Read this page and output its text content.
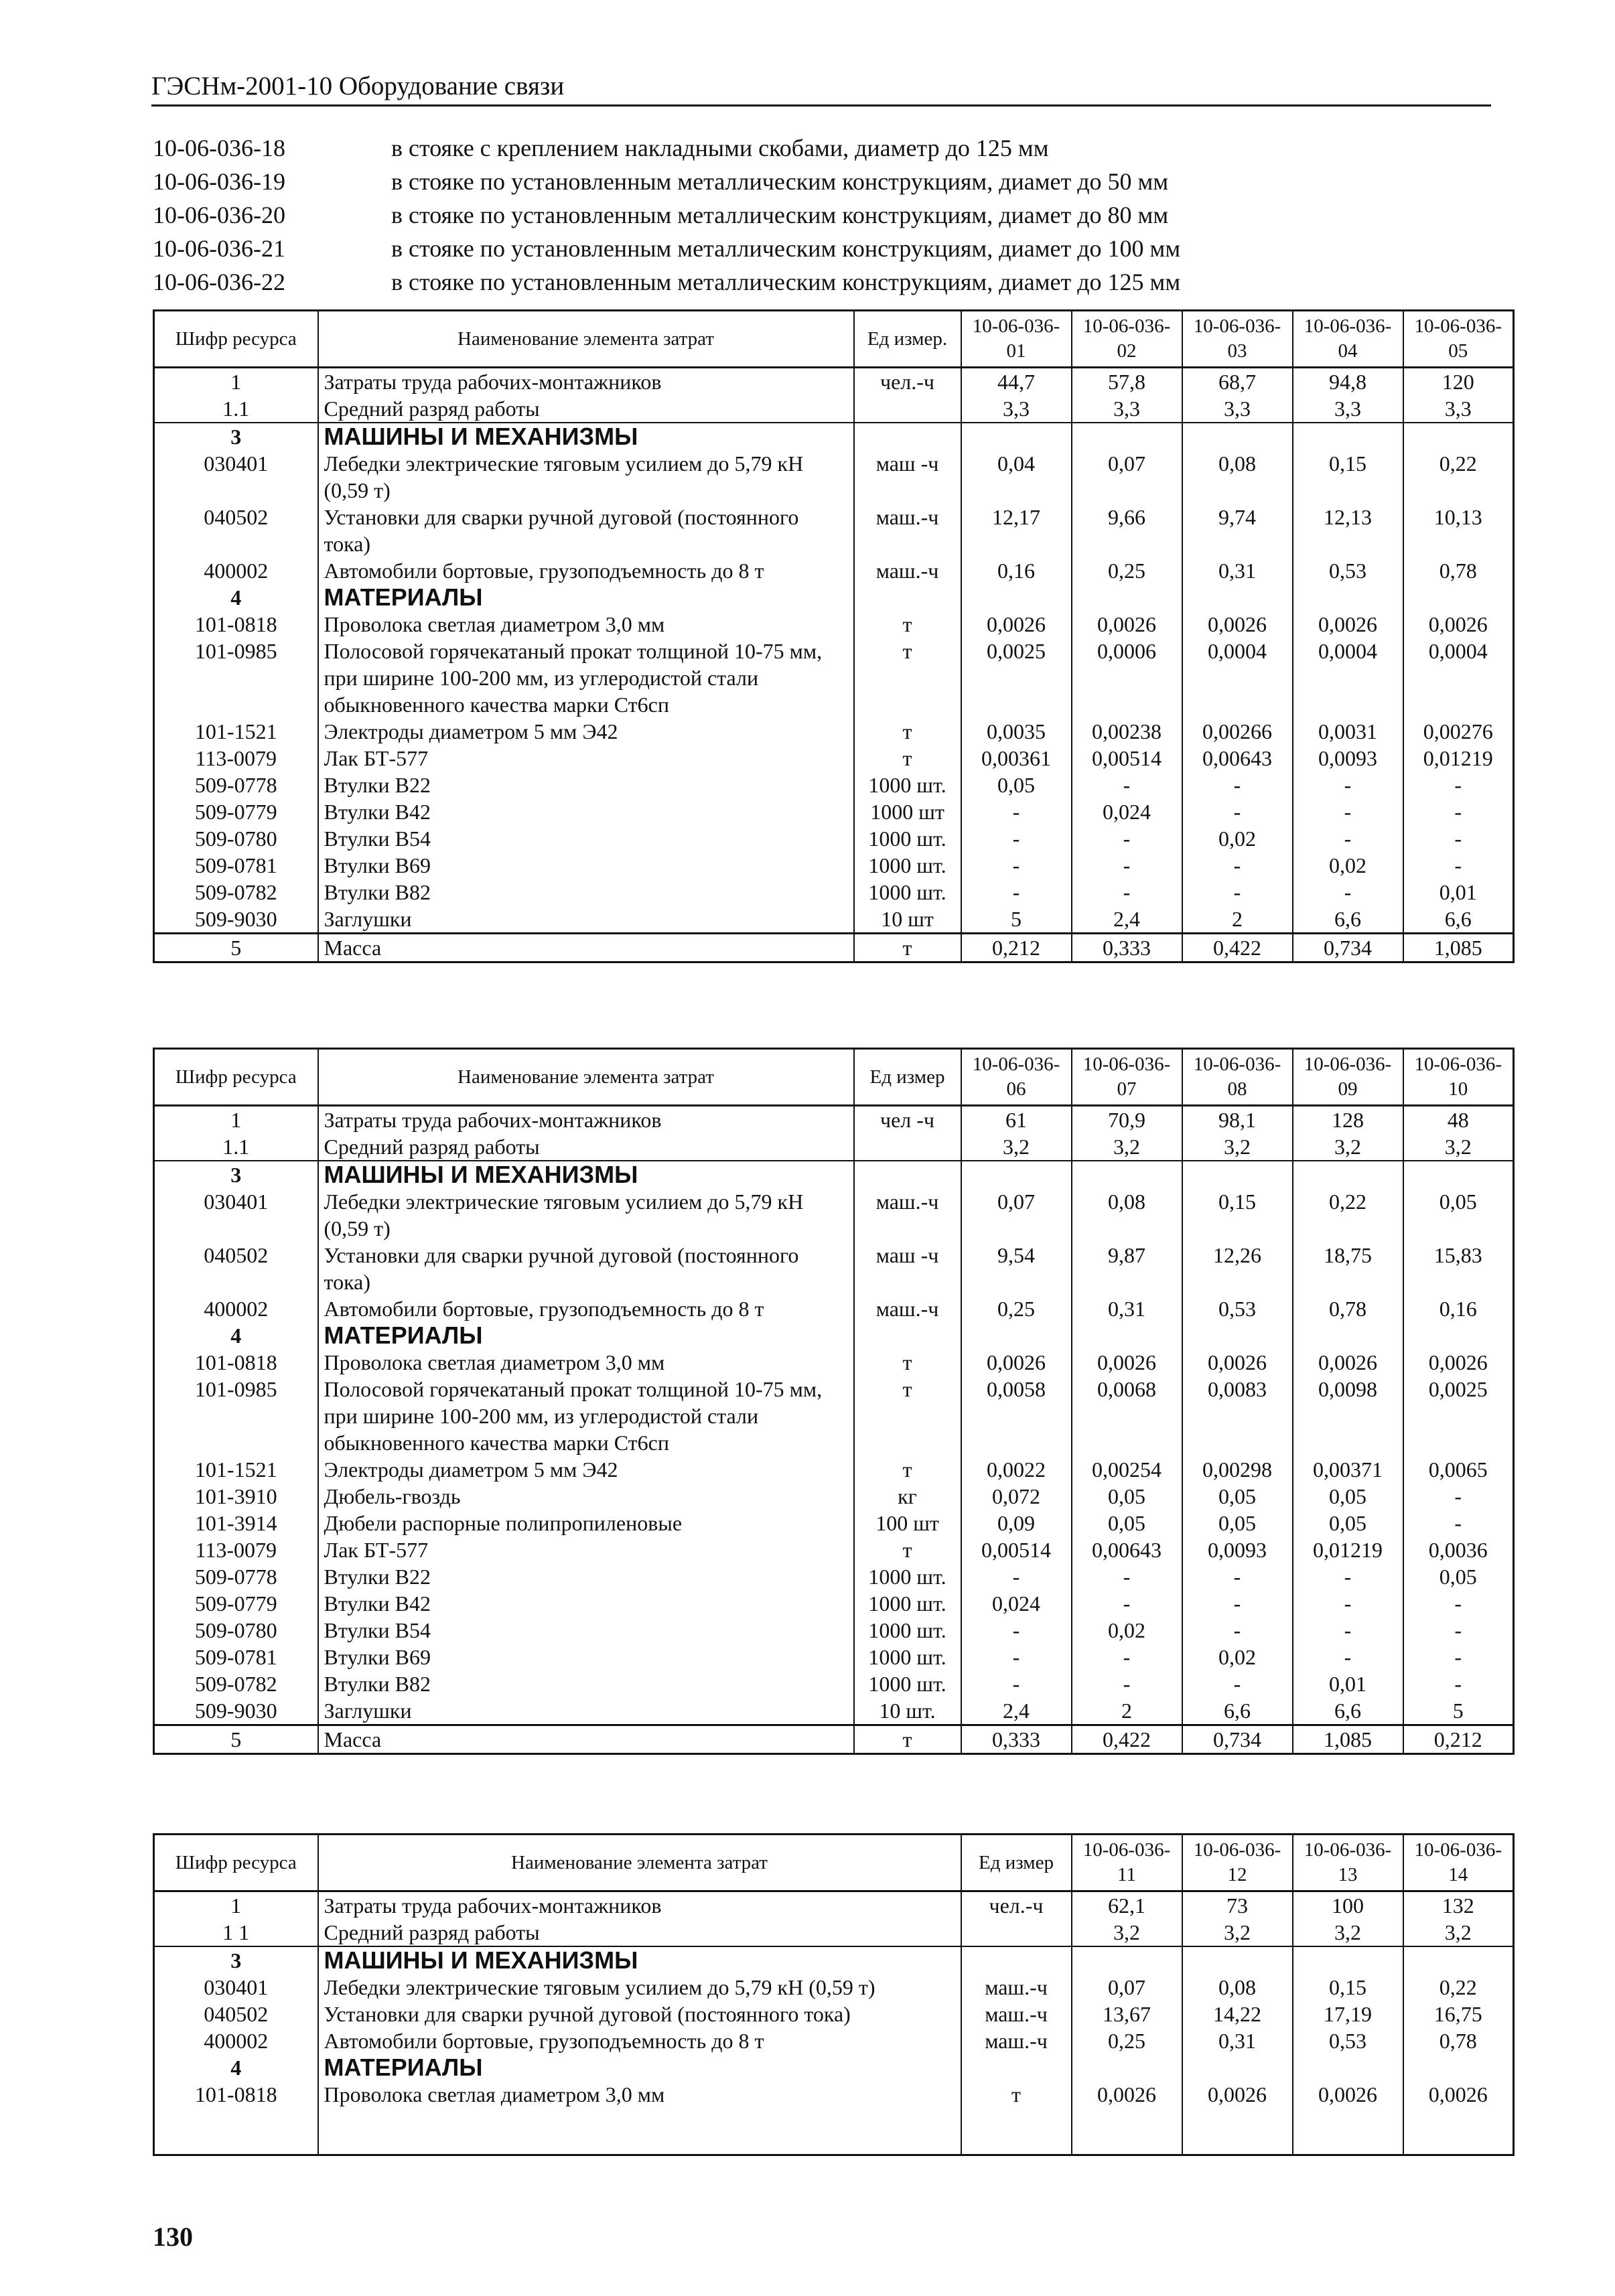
ГЭСНм-2001-10 Оборудование связи
10-06-036-18	в стояке с креплением накладными скобами, диаметр до 125 мм
10-06-036-19	в стояке по установленным металлическим конструкциям, диамет до 50 мм
10-06-036-20	в стояке по установленным металлическим конструкциям, диамет до 80 мм
10-06-036-21	в стояке по установленным металлическим конструкциям, диамет до 100 мм
10-06-036-22	в стояке по установленным металлическим конструкциям, диамет до 125 мм
Шифр ресурса	Наименование элемента затрат	Ед измер.	10-06-036-01	10-06-036-02	10-06-036-03	10-06-036-04	10-06-036-05
1	Затраты труда рабочих-монтажников	чел.-ч	44,7	57,8	68,7	94,8	120
1.1	Средний разряд работы		3,3	3,3	3,3	3,3	3,3
3	МАШИНЫ И МЕХАНИЗМЫ						
030401	Лебедки электрические тяговым усилием до 5,79 кН (0,59 т)	маш -ч	0,04	0,07	0,08	0,15	0,22
040502	Установки для сварки ручной дуговой (постоянного тока)	маш.-ч	12,17	9,66	9,74	12,13	10,13
400002	Автомобили бортовые, грузоподъемность до 8 т	маш.-ч	0,16	0,25	0,31	0,53	0,78
4	МАТЕРИАЛЫ						
101-0818	Проволока светлая диаметром 3,0 мм	т	0,0026	0,0026	0,0026	0,0026	0,0026
101-0985	Полосовой горячекатаный прокат толщиной 10-75 мм, при ширине 100-200 мм, из углеродистой стали обыкновенного качества марки Ст6сп	т	0,0025	0,0006	0,0004	0,0004	0,0004
101-1521	Электроды диаметром 5 мм Э42	т	0,0035	0,00238	0,00266	0,0031	0,00276
113-0079	Лак БТ-577	т	0,00361	0,00514	0,00643	0,0093	0,01219
509-0778	Втулки В22	1000 шт.	0,05	-	-	-	-
509-0779	Втулки В42	1000 шт	-	0,024	-	-	-
509-0780	Втулки В54	1000 шт.	-	-	0,02	-	-
509-0781	Втулки В69	1000 шт.	-	-	-	0,02	-
509-0782	Втулки В82	1000 шт.	-	-	-	-	0,01
509-9030	Заглушки	10 шт	5	2,4	2	6,6	6,6
5	Масса	т	0,212	0,333	0,422	0,734	1,085
Шифр ресурса	Наименование элемента затрат	Ед измер	10-06-036-06	10-06-036-07	10-06-036-08	10-06-036-09	10-06-036-10
1	Затраты труда рабочих-монтажников	чел -ч	61	70,9	98,1	128	48
1.1	Средний разряд работы		3,2	3,2	3,2	3,2	3,2
3	МАШИНЫ И МЕХАНИЗМЫ						
030401	Лебедки электрические тяговым усилием до 5,79 кН (0,59 т)	маш.-ч	0,07	0,08	0,15	0,22	0,05
040502	Установки для сварки ручной дуговой (постоянного тока)	маш -ч	9,54	9,87	12,26	18,75	15,83
400002	Автомобили бортовые, грузоподъемность до 8 т	маш.-ч	0,25	0,31	0,53	0,78	0,16
4	МАТЕРИАЛЫ						
101-0818	Проволока светлая диаметром 3,0 мм	т	0,0026	0,0026	0,0026	0,0026	0,0026
101-0985	Полосовой горячекатаный прокат толщиной 10-75 мм, при ширине 100-200 мм, из углеродистой стали обыкновенного качества марки Ст6сп	т	0,0058	0,0068	0,0083	0,0098	0,0025
101-1521	Электроды диаметром 5 мм Э42	т	0,0022	0,00254	0,00298	0,00371	0,0065
101-3910	Дюбель-гвоздь	кг	0,072	0,05	0,05	0,05	-
101-3914	Дюбели распорные полипропиленовые	100 шт	0,09	0,05	0,05	0,05	-
113-0079	Лак БТ-577	т	0,00514	0,00643	0,0093	0,01219	0,0036
509-0778	Втулки В22	1000 шт.	-	-	-	-	0,05
509-0779	Втулки В42	1000 шт.	0,024	-	-	-	-
509-0780	Втулки В54	1000 шт.	-	0,02	-	-	-
509-0781	Втулки В69	1000 шт.	-	-	0,02	-	-
509-0782	Втулки В82	1000 шт.	-	-	-	0,01	-
509-9030	Заглушки	10 шт.	2,4	2	6,6	6,6	5
5	Масса	т	0,333	0,422	0,734	1,085	0,212
Шифр ресурса	Наименование элемента затрат	Ед измер	10-06-036-11	10-06-036-12	10-06-036-13	10-06-036-14
1	Затраты труда рабочих-монтажников	чел.-ч	62,1	73	100	132
1 1	Средний разряд работы		3,2	3,2	3,2	3,2
3	МАШИНЫ И МЕХАНИЗМЫ					
030401	Лебедки электрические тяговым усилием до 5,79 кН (0,59 т)	маш.-ч	0,07	0,08	0,15	0,22
040502	Установки для сварки ручной дуговой (постоянного тока)	маш.-ч	13,67	14,22	17,19	16,75
400002	Автомобили бортовые, грузоподъемность до 8 т	маш.-ч	0,25	0,31	0,53	0,78
4	МАТЕРИАЛЫ					
101-0818	Проволока светлая диаметром 3,0 мм	т	0,0026	0,0026	0,0026	0,0026

130
